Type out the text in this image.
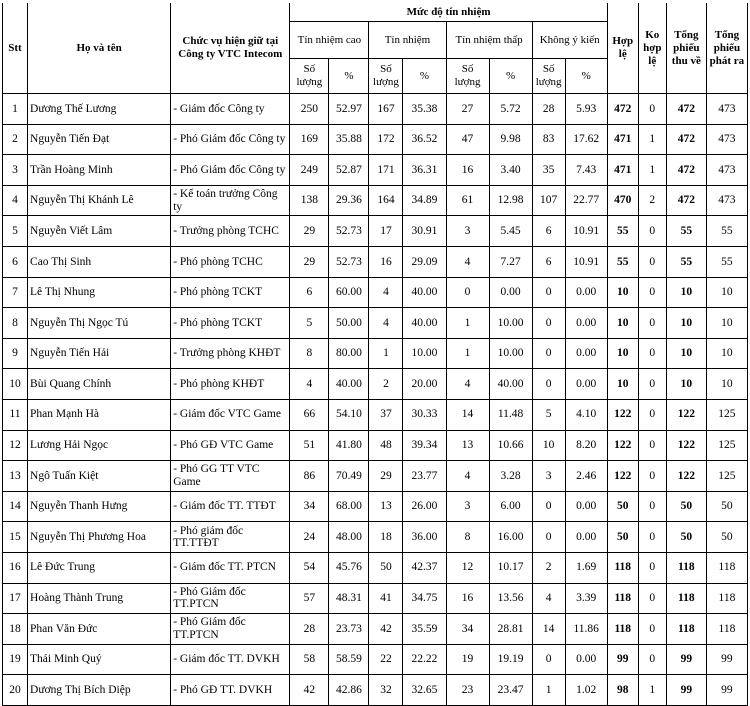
Stt	Họ và tên	Chức vụ hiện giữ tại Công ty VTC Intecom	Mức độ tín nhiệm								Hợp lệ	Ko hợp lệ	Tổng phiếu thu về	Tổng phiếu phát ra
			Tín nhiệm cao		Tín nhiệm		Tín nhiệm thấp		Không ý kiến					
			Số lượng	%	Số lượng	%	Số lượng	%	Số lượng	%				
1	Dương Thế Lương	- Giám đốc Công ty	250	52.97	167	35.38	27	5.72	28	5.93	472	0	472	473
2	Nguyễn Tiến Đạt	- Phó Giám đốc Công ty	169	35.88	172	36.52	47	9.98	83	17.62	471	1	472	473
3	Trần Hoàng Minh	- Phó Giám đốc Công ty	249	52.87	171	36.31	16	3.40	35	7.43	471	1	472	473
4	Nguyễn Thị Khánh Lê	- Kế toán trưởng Công ty	138	29.36	164	34.89	61	12.98	107	22.77	470	2	472	473
5	Nguyễn Viết Lâm	- Trưởng phòng TCHC	29	52.73	17	30.91	3	5.45	6	10.91	55	0	55	55
6	Cao Thị Sinh	- Phó phòng TCHC	29	52.73	16	29.09	4	7.27	6	10.91	55	0	55	55
7	Lê Thị Nhung	- Phó phòng TCKT	6	60.00	4	40.00	0	0.00	0	0.00	10	0	10	10
8	Nguyễn Thị Ngọc Tú	- Phó phòng TCKT	5	50.00	4	40.00	1	10.00	0	0.00	10	0	10	10
9	Nguyễn Tiến Hải	- Trưởng phòng KHĐT	8	80.00	1	10.00	1	10.00	0	0.00	10	0	10	10
10	Bùi Quang Chính	- Phó phòng KHĐT	4	40.00	2	20.00	4	40.00	0	0.00	10	0	10	10
11	Phan Mạnh Hà	- Giám đốc VTC Game	66	54.10	37	30.33	14	11.48	5	4.10	122	0	122	125
12	Lương Hải Ngọc	- Phó GĐ VTC Game	51	41.80	48	39.34	13	10.66	10	8.20	122	0	122	125
13	Ngô Tuấn Kiệt	- Phó GG TT VTC Game	86	70.49	29	23.77	4	3.28	3	2.46	122	0	122	125
14	Nguyễn Thanh Hưng	- Giám đốc TT. TTĐT	34	68.00	13	26.00	3	6.00	0	0.00	50	0	50	50
15	Nguyễn Thị Phương Hoa	- Phó giám đốc TT.TTĐT	24	48.00	18	36.00	8	16.00	0	0.00	50	0	50	50
16	Lê Đức Trung	- Giám đốc TT. PTCN	54	45.76	50	42.37	12	10.17	2	1.69	118	0	118	118
17	Hoàng Thành Trung	- Phó Giám đốc TT.PTCN	57	48.31	41	34.75	16	13.56	4	3.39	118	0	118	118
18	Phan Văn Đức	- Phó Giám đốc TT.PTCN	28	23.73	42	35.59	34	28.81	14	11.86	118	0	118	118
19	Thái Minh Quý	- Giám đốc TT. DVKH	58	58.59	22	22.22	19	19.19	0	0.00	99	0	99	99
20	Dương Thị Bích Diệp	- Phó GĐ TT. DVKH	42	42.86	32	32.65	23	23.47	1	1.02	98	1	99	99
